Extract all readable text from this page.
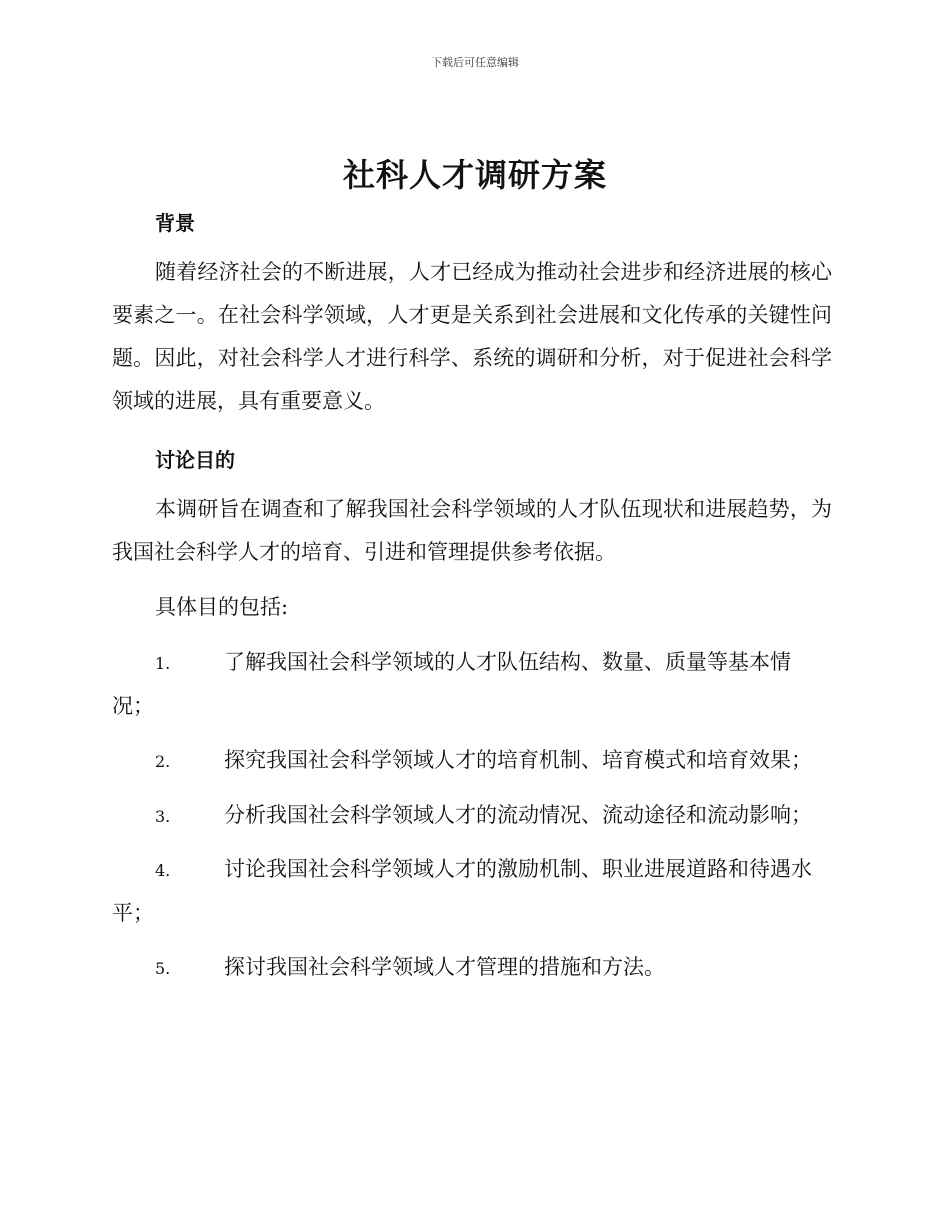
下载后可任意编辑
社科人才调研方案
背景

随着经济社会的不断进展，人才已经成为推动社会进步和经济进展的核心要素之一。在社会科学领域，人才更是关系到社会进展和文化传承的关键性问题。因此，对社会科学人才进行科学、系统的调研和分析，对于促进社会科学领域的进展，具有重要意义。

讨论目的

本调研旨在调查和了解我国社会科学领域的人才队伍现状和进展趋势，为我国社会科学人才的培育、引进和管理提供参考依据。

具体目的包括:

1.	了解我国社会科学领域的人才队伍结构、数量、质量等基本情况；

2.	探究我国社会科学领域人才的培育机制、培育模式和培育效果；

3.	分析我国社会科学领域人才的流动情况、流动途径和流动影响；

4.	讨论我国社会科学领域人才的激励机制、职业进展道路和待遇水平；

5.	探讨我国社会科学领域人才管理的措施和方法。
